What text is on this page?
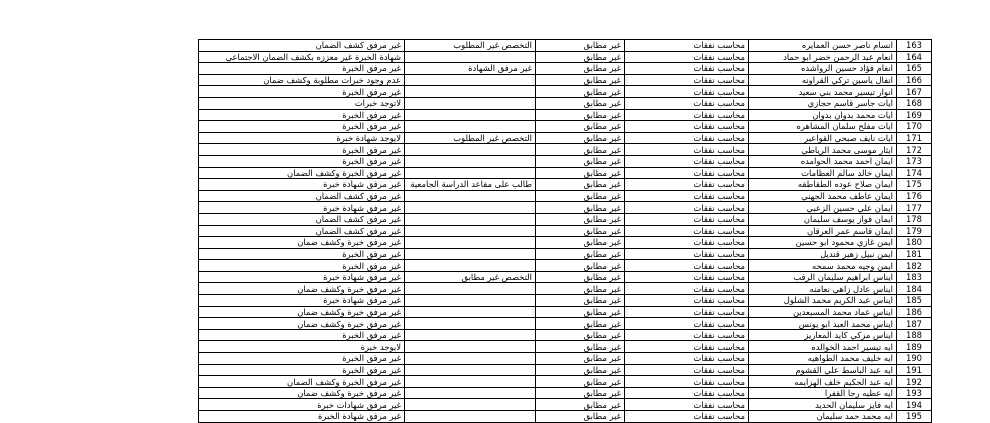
163	انسام ناصر حسن العمايره	محاسب نفقات	غير مطابق	التخصص غير المطلوب	غير مرفق كشف الضمان
164	انعام عبد الرحمن خضر ابو حماد	محاسب نفقات	غير مطابق		شهادة الخبرة غير معززه بكشف الضمان الاجتماعي
165	انغام فؤاد حسين الرواشده	محاسب نفقات	غير مطابق	غير مرفق الشهادة	غير مرفق الخبرة
166	انفال ياسين تركي القراونه	محاسب نفقات	غير مطابق		عدم وجود خبرات مطلوبة وكشف ضمان
167	انوار تيسير محمد بني سعيد	محاسب نفقات	غير مطابق		غير مرفق الخبرة
168	ايات جاسر قاسم حجازي	محاسب نفقات	غير مطابق		لاتوجد خبرات
169	ايات محمد بدوان بدوان	محاسب نفقات	غير مطابق		غير مرفق الخبرة
170	ايات مفلح سلمان المشاهره	محاسب نفقات	غير مطابق		غير مرفق الخبرة
171	ايات نايف صبحي القواعير	محاسب نفقات	غير مطابق	التخصص غير المطلوب	لايوجد شهادة خبرة
172	ايثار موسى محمد الرياطي	محاسب نفقات	غير مطابق		غير مرفق الخبرة
173	ايمان احمد محمد الحوامده	محاسب نفقات	غير مطابق		غير مرفق الخبرة
174	ايمان خالد سالم العظامات	محاسب نفقات	غير مطابق		غير مرفق الخبرة وكشف الضمان
175	ايمان صلاح عوده الطقاطقه	محاسب نفقات	غير مطابق	طالب على مقاعد الدراسة الجامعية	غير مرفق شهادة خبرة
176	ايمان عاطف محمد الجهني	محاسب نفقات	غير مطابق		غير مرفق كشف الضمان
177	ايمان علي حسين الزعبي	محاسب نفقات	غير مطابق		غير مرفق شهادة خبرة
178	ايمان فواز يوسف سليمان	محاسب نفقات	غير مطابق		غير مرفق كشف الضمان
179	ايمان قاسم عمر العرقان	محاسب نفقات	غير مطابق		غير مرفق كشف الضمان
180	ايمن غازي محمود ابو حسين	محاسب نفقات	غير مطابق		غير مرفق خبرة وكشف ضمان
181	ايمن نبيل زهير قنديل	محاسب نفقات	غير مطابق		غير مرفق الخبرة
182	ايمن وجيه محمد سمحه	محاسب نفقات	غير مطابق		غير مرفق الخبرة
183	ايناس ابراهيم سليمان الرقب	محاسب نفقات	غير مطابق	التخصص غير مطابق	غير مرفق شهادة خبرة
184	ايناس عادل زاهي نعامنه	محاسب نفقات	غير مطابق		غير مرفق خبرة وكشف ضمان
185	ايناس عبد الكريم محمد الشلول	محاسب نفقات	غير مطابق		غير مرفق شهادة خبرة
186	ايناس عماد محمد المسيعدين	محاسب نفقات	غير مطابق		غير مرفق خبرة وكشف ضمان
187	ايناس محمد العبد ابو يونس	محاسب نفقات	غير مطابق		غير مرفق خبرة وكشف ضمان
188	ايناس مزكي كايد المعاريز	محاسب نفقات	غير مطابق		غير مرفق الخبرة
189	ايه تيسير احمد الخوالده	محاسب نفقات	غير مطابق		لايوجد خبرة
190	ايه خليف محمد الطواهيه	محاسب نفقات	غير مطابق		غير مرفق الخبرة
191	ايه عبد الباسط علي القشوم	محاسب نفقات	غير مطابق		غير مرفق الخبرة
192	ايه عبد الحكيم خلف الهزايمه	محاسب نفقات	غير مطابق		غير مرفق الخبرة وكشف الضمان
193	ايه عطيه رجا القفرا	محاسب نفقات	غير مطابق		غير مرفق خبرة وكشف ضمان
194	ايه فايز سليمان الحديد	محاسب نفقات	غير مطابق		غير مرفق شهادات خبرة
195	ايه محمد حمد سليمان	محاسب نفقات	غير مطابق		غير مرفق شهادة الخبرة
